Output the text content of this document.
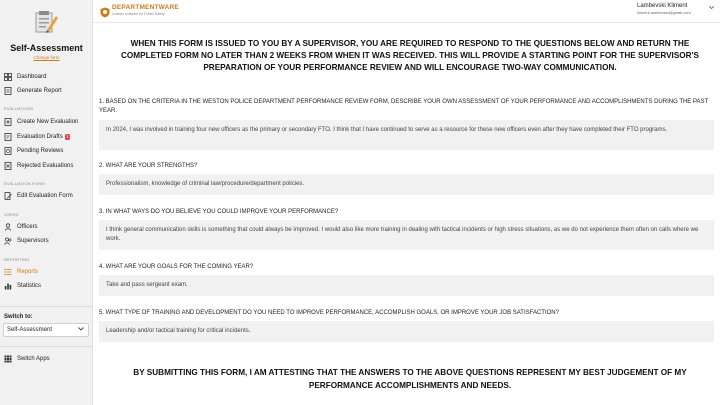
Self-Assessment
Change form
Dashboard
Generate Report
EVALUATIONS
Create New Evaluation
Evaluation Drafts 1
Pending Reviews
Rejected Evaluations
EVALUATION FORM
Edit Evaluation Form
USERS
Officers
Supervisors
REPORTING
Reports
Statistics
Switch to:
Self-Assessment
Switch Apps
DEPARTMENTWARE
Custom software for Public Safety
Lambevski Kliment
kliment.lambevski@gmail.com
WHEN THIS FORM IS ISSUED TO YOU BY A SUPERVISOR, YOU ARE REQUIRED TO RESPOND TO THE QUESTIONS BELOW AND RETURN THE COMPLETED FORM NO LATER THAN 2 WEEKS FROM WHEN IT WAS RECEIVED. THIS WILL PROVIDE A STARTING POINT FOR THE SUPERVISOR'S PREPARATION OF YOUR PERFORMANCE REVIEW AND WILL ENCOURAGE TWO-WAY COMMUNICATION.
1. BASED ON THE CRITERIA IN THE WESTON POLICE DEPARTMENT PERFORMANCE REVIEW FORM, DESCRIBE YOUR OWN ASSESSMENT OF YOUR PERFORMANCE AND ACCOMPLISHMENTS DURING THE PAST YEAR.
In 2024, I was involved in training four new officers as the primary or secondary FTO. I think that I have continued to serve as a resource for these new officers even after they have completed their FTO programs.
2. WHAT ARE YOUR STRENGTHS?
Professionalism, knowledge of criminal law/procedure/department policies.
3. IN WHAT WAYS DO YOU BELIEVE YOU COULD IMPROVE YOUR PERFORMANCE?
I think general communication skills is something that could always be improved. I would also like more training in dealing with tactical incidents or high stress situations, as we do not experience them often on calls where we work.
4. WHAT ARE YOUR GOALS FOR THE COMING YEAR?
Take and pass sergeant exam.
5. WHAT TYPE OF TRAINING AND DEVELOPMENT DO YOU NEED TO IMPROVE PERFORMANCE, ACCOMPLISH GOALS, OR IMPROVE YOUR JOB SATISFACTION?
Leadership and/or tactical training for critical incidents.
BY SUBMITTING THIS FORM, I AM ATTESTING THAT THE ANSWERS TO THE ABOVE QUESTIONS REPRESENT MY BEST JUDGEMENT OF MY PERFORMANCE ACCOMPLISHMENTS AND NEEDS.
